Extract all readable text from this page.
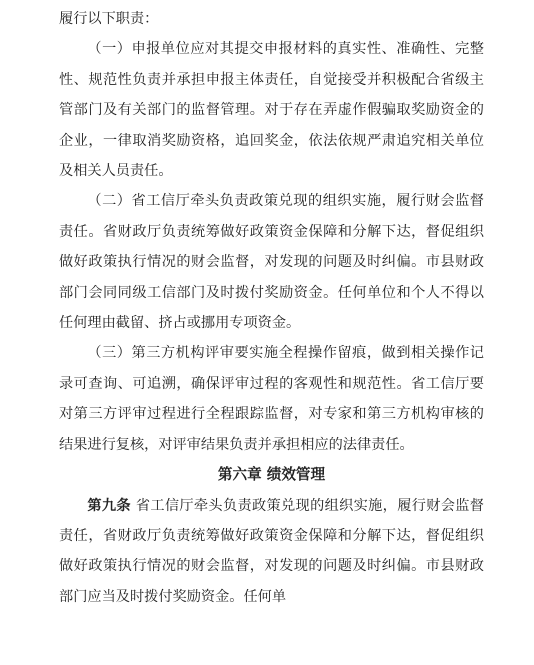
履行以下职责：

（一）申报单位应对其提交申报材料的真实性、准确性、完整性、规范性负责并承担申报主体责任，自觉接受并积极配合省级主管部门及有关部门的监督管理。对于存在弄虚作假骗取奖励资金的企业，一律取消奖励资格，追回奖金，依法依规严肃追究相关单位及相关人员责任。

（二）省工信厅牵头负责政策兑现的组织实施，履行财会监督责任。省财政厅负责统筹做好政策资金保障和分解下达，督促组织做好政策执行情况的财会监督，对发现的问题及时纠偏。市县财政部门会同同级工信部门及时拨付奖励资金。任何单位和个人不得以任何理由截留、挤占或挪用专项资金。

（三）第三方机构评审要实施全程操作留痕，做到相关操作记录可查询、可追溯，确保评审过程的客观性和规范性。省工信厅要对第三方评审过程进行全程跟踪监督，对专家和第三方机构审核的结果进行复核，对评审结果负责并承担相应的法律责任。

第六章 绩效管理

第九条 省工信厅牵头负责政策兑现的组织实施，履行财会监督责任，省财政厅负责统筹做好政策资金保障和分解下达，督促组织做好政策执行情况的财会监督，对发现的问题及时纠偏。市县财政部门应当及时拨付奖励资金。任何单
